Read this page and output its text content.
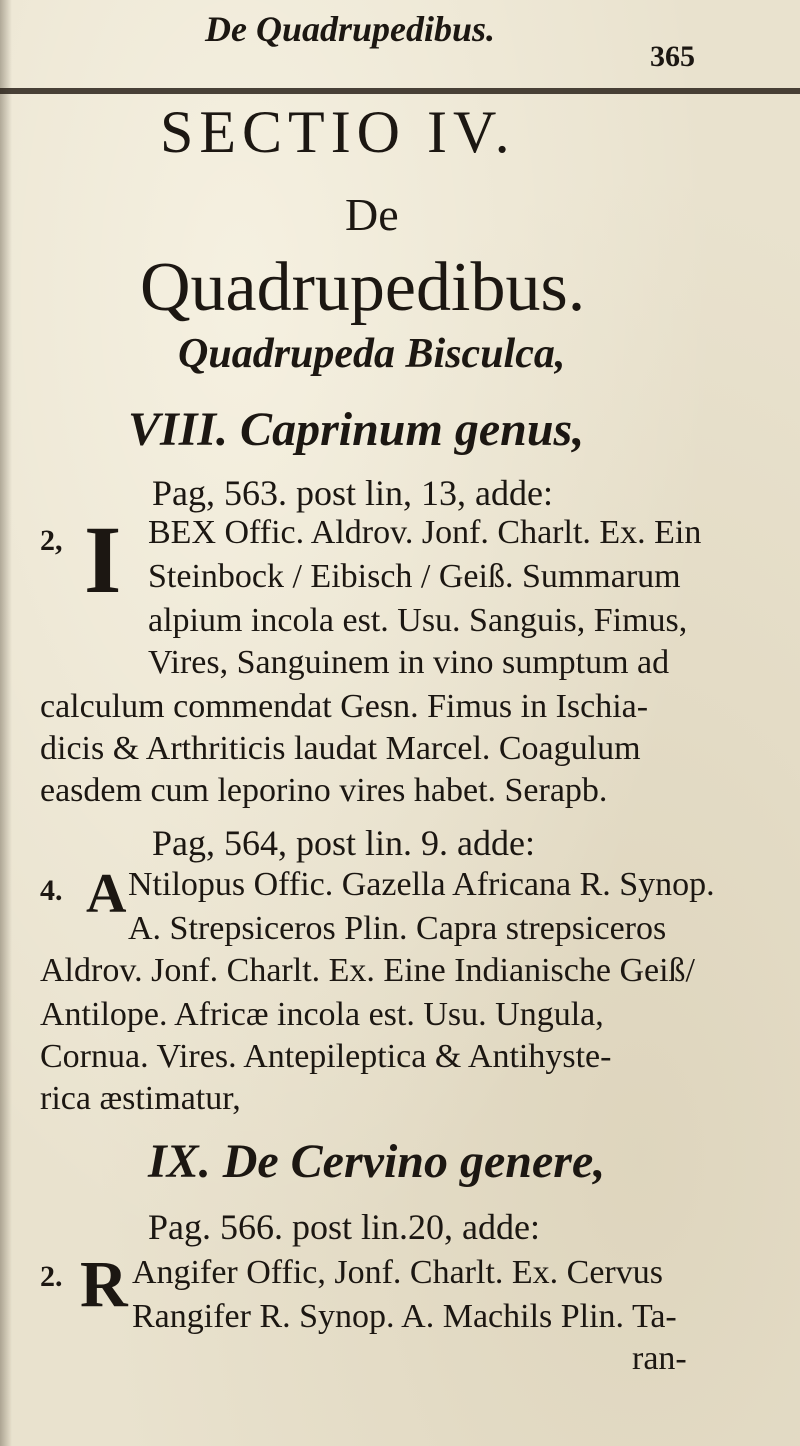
De Quadrupedibus.
365
SECTIO IV.
De
Quadrupedibus.
Quadrupeda Bisculca,
VIII. Caprinum genus,
Pag, 563. post lin, 13, adde:
2, I BEX Offic. Aldrov. Jonf. Charlt. Ex. Ein
Steinbock / Eibisch / Geiß. Summarum
alpium incola est. Usu. Sanguis, Fimus,
Vires, Sanguinem in vino sumptum ad
calculum commendat Gesn. Fimus in Ischia-
dicis & Arthriticis laudat Marcel. Coagulum
easdem cum leporino vires habet. Serapb.
Pag, 564, post lin. 9. adde:
4. A Ntilopus Offic. Gazella Africana R. Synop.
A. Strepsiceros Plin. Capra strepsiceros
Aldrov. Jonf. Charlt. Ex. Eine Indianische Geiß/
Antilope. Africæ incola est. Usu. Ungula,
Cornua. Vires. Antepileptica & Antihyste-
rica æstimatur,
IX. De Cervino genere,
Pag. 566. post lin.20, adde:
2. R Angifer Offic, Jonf. Charlt. Ex. Cervus
Rangifer R. Synop. A. Machils Plin. Ta-
ran-
